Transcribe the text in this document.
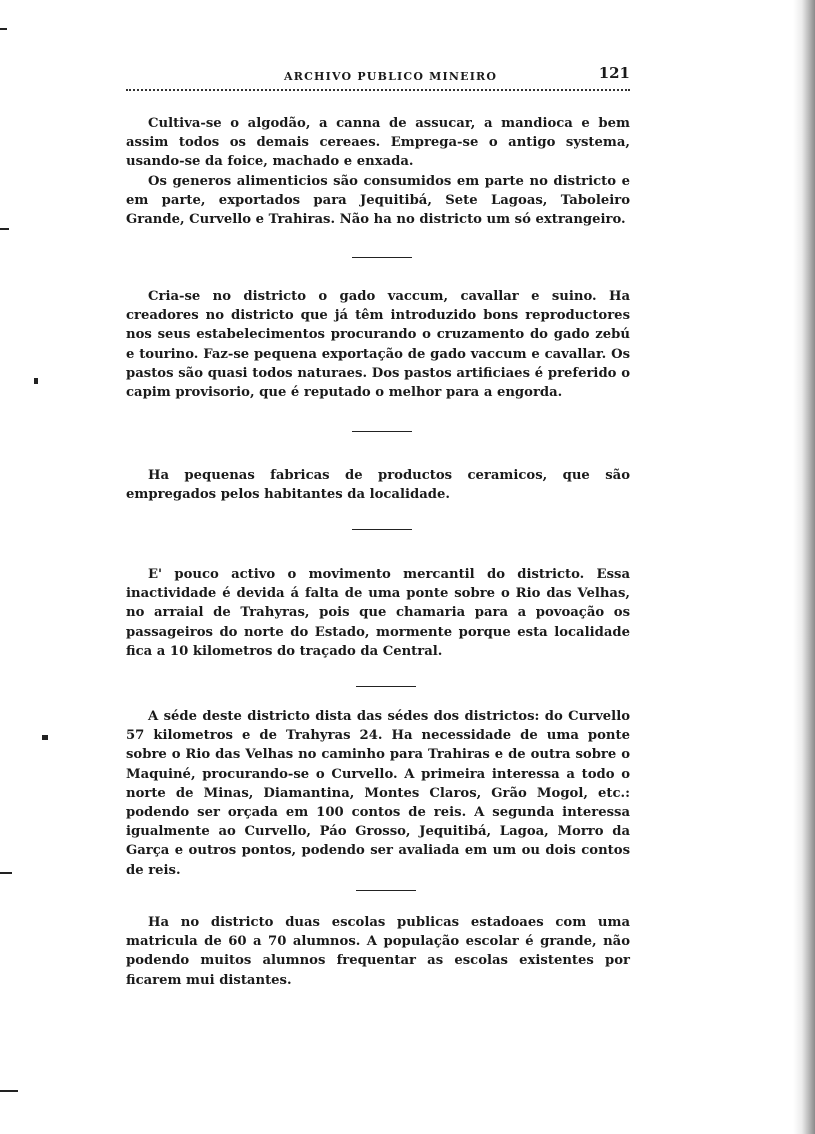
ARCHIVO PUBLICO MINEIRO	121

Cultiva-se o algodão, a canna de assucar, a mandioca e bem assim todos os demais cereaes. Emprega-se o antigo systema, usando-se da foice, machado e enxada.

Os generos alimenticios são consumidos em parte no districto e em parte, exportados para Jequitibá, Sete Lagoas, Taboleiro Grande, Curvello e Trahiras. Não ha no districto um só extrangeiro.

Cria-se no districto o gado vaccum, cavallar e suino. Ha creadores no districto que já têm introduzido bons reproductores nos seus estabelecimentos procurando o cruzamento do gado zebú e tourino. Faz-se pequena exportação de gado vaccum e cavallar. Os pastos são quasi todos naturaes. Dos pastos artificiaes é preferido o capim provisorio, que é reputado o melhor para a engorda.

Ha pequenas fabricas de productos ceramicos, que são empregados pelos habitantes da localidade.

E' pouco activo o movimento mercantil do districto. Essa inactividade é devida á falta de uma ponte sobre o Rio das Velhas, no arraial de Trahyras, pois que chamaria para a povoação os passageiros do norte do Estado, mormente porque esta localidade fica a 10 kilometros do traçado da Central.

A séde deste districto dista das sédes dos districtos: do Curvello 57 kilometros e de Trahyras 24. Ha necessidade de uma ponte sobre o Rio das Velhas no caminho para Trahiras e de outra sobre o Maquiné, procurando-se o Curvello. A primeira interessa a todo o norte de Minas, Diamantina, Montes Claros, Grão Mogol, etc.: podendo ser orçada em 100 contos de reis. A segunda interessa igualmente ao Curvello, Páo Grosso, Jequitibá, Lagoa, Morro da Garça e outros pontos, podendo ser avaliada em um ou dois contos de reis.

Ha no districto duas escolas publicas estadoaes com uma matricula de 60 a 70 alumnos. A população escolar é grande, não podendo muitos alumnos frequentar as escolas existentes por ficarem mui distantes.
